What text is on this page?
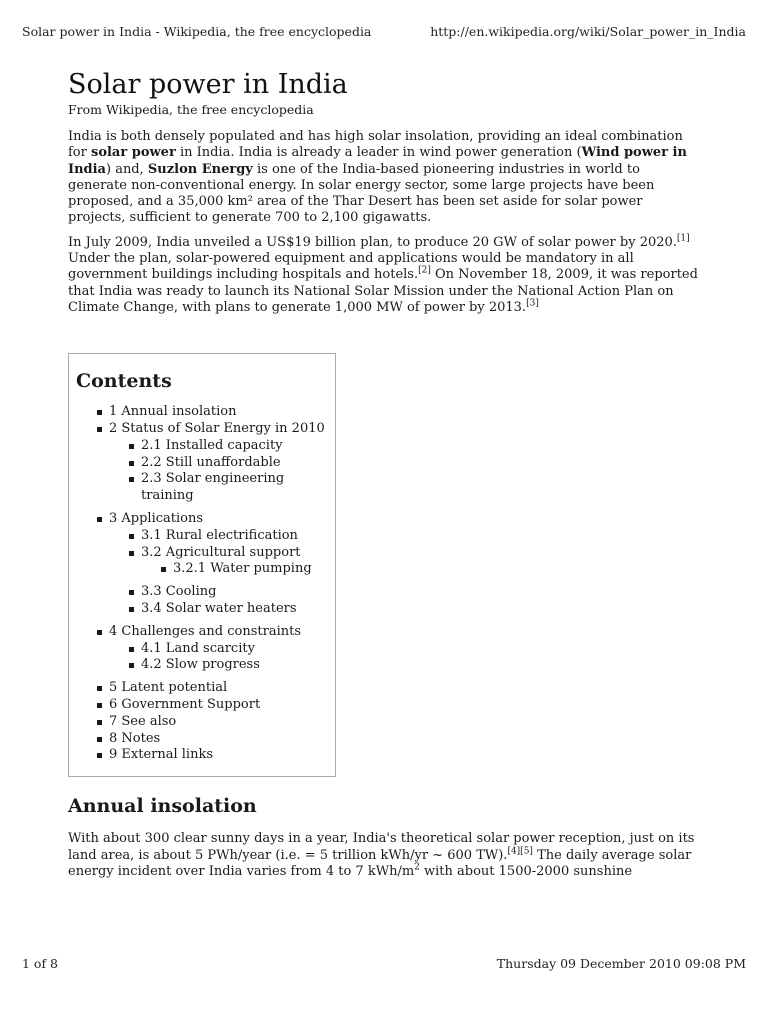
Solar power in India - Wikipedia, the free encyclopedia	http://en.wikipedia.org/wiki/Solar_power_in_India
Solar power in India
From Wikipedia, the free encyclopedia

India is both densely populated and has high solar insolation, providing an ideal combination for solar power in India. India is already a leader in wind power generation (Wind power in India) and, Suzlon Energy is one of the India-based pioneering industries in world to generate non-conventional energy. In solar energy sector, some large projects have been proposed, and a 35,000 km² area of the Thar Desert has been set aside for solar power projects, sufficient to generate 700 to 2,100 gigawatts.

In July 2009, India unveiled a US$19 billion plan, to produce 20 GW of solar power by 2020.[1] Under the plan, solar-powered equipment and applications would be mandatory in all government buildings including hospitals and hotels.[2] On November 18, 2009, it was reported that India was ready to launch its National Solar Mission under the National Action Plan on Climate Change, with plans to generate 1,000 MW of power by 2013.[3]

Contents
1 Annual insolation
2 Status of Solar Energy in 2010
2.1 Installed capacity
2.2 Still unaffordable
2.3 Solar engineering training
3 Applications
3.1 Rural electrification
3.2 Agricultural support
3.2.1 Water pumping
3.3 Cooling
3.4 Solar water heaters
4 Challenges and constraints
4.1 Land scarcity
4.2 Slow progress
5 Latent potential
6 Government Support
7 See also
8 Notes
9 External links
Annual insolation

With about 300 clear sunny days in a year, India's theoretical solar power reception, just on its land area, is about 5 PWh/year (i.e. = 5 trillion kWh/yr ~ 600 TW).[4][5] The daily average solar energy incident over India varies from 4 to 7 kWh/$m^2$ with about 1500-2000 sunshine

1 of 8	Thursday 09 December 2010 09:08 PM
